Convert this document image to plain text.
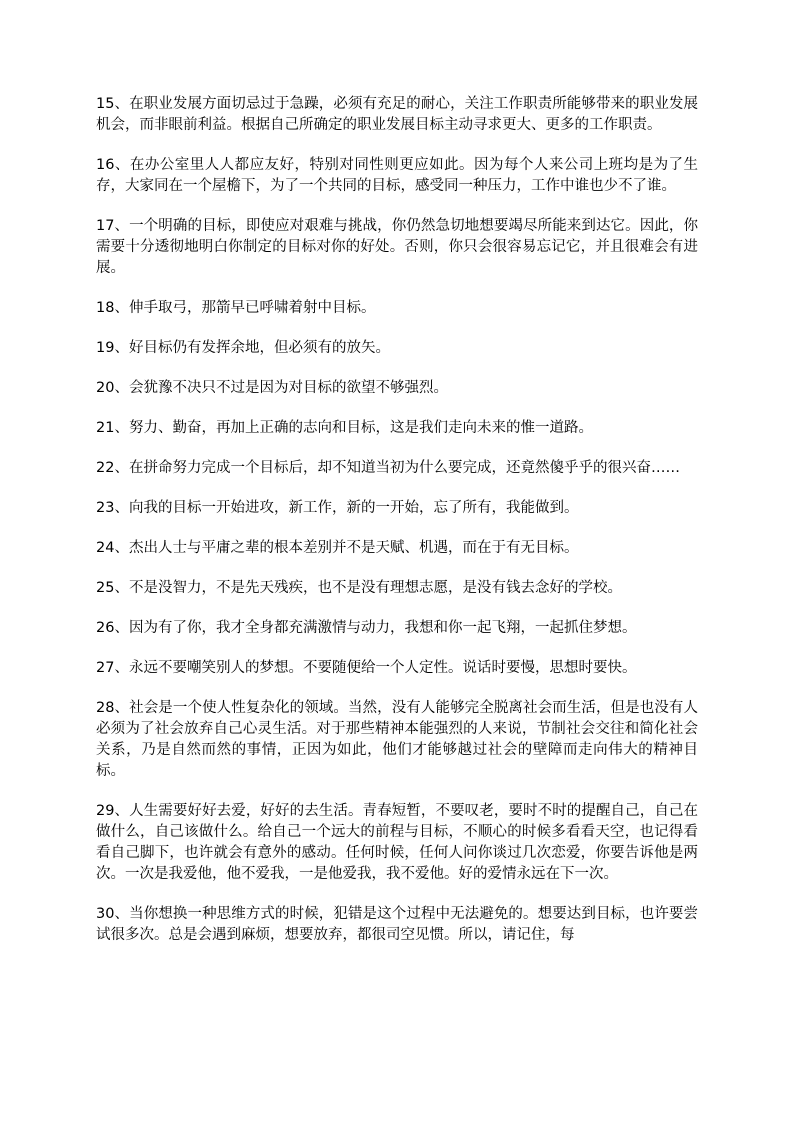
15、在职业发展方面切忌过于急躁，必须有充足的耐心，关注工作职责所能够带来的职业发展机会，而非眼前利益。根据自己所确定的职业发展目标主动寻求更大、更多的工作职责。

16、在办公室里人人都应友好，特别对同性则更应如此。因为每个人来公司上班均是为了生存，大家同在一个屋檐下，为了一个共同的目标，感受同一种压力，工作中谁也少不了谁。

17、一个明确的目标，即使应对艰难与挑战，你仍然急切地想要竭尽所能来到达它。因此，你需要十分透彻地明白你制定的目标对你的好处。否则，你只会很容易忘记它，并且很难会有进展。

18、伸手取弓，那箭早已呼啸着射中目标。

19、好目标仍有发挥余地，但必须有的放矢。

20、会犹豫不决只不过是因为对目标的欲望不够强烈。

21、努力、勤奋，再加上正确的志向和目标，这是我们走向未来的惟一道路。

22、在拼命努力完成一个目标后，却不知道当初为什么要完成，还竟然傻乎乎的很兴奋……

23、向我的目标一开始进攻，新工作，新的一开始，忘了所有，我能做到。

24、杰出人士与平庸之辈的根本差别并不是天赋、机遇，而在于有无目标。

25、不是没智力，不是先天残疾，也不是没有理想志愿，是没有钱去念好的学校。

26、因为有了你，我才全身都充满激情与动力，我想和你一起飞翔，一起抓住梦想。

27、永远不要嘲笑别人的梦想。不要随便给一个人定性。说话时要慢，思想时要快。

28、社会是一个使人性复杂化的领域。当然，没有人能够完全脱离社会而生活，但是也没有人必须为了社会放弃自己心灵生活。对于那些精神本能强烈的人来说，节制社会交往和简化社会关系，乃是自然而然的事情，正因为如此，他们才能够越过社会的壁障而走向伟大的精神目标。

29、人生需要好好去爱，好好的去生活。青春短暂，不要叹老，要时不时的提醒自己，自己在做什么，自己该做什么。给自己一个远大的前程与目标，不顺心的时候多看看天空，也记得看看自己脚下，也许就会有意外的感动。任何时候，任何人问你谈过几次恋爱，你要告诉他是两次。一次是我爱他，他不爱我，一是他爱我，我不爱他。好的爱情永远在下一次。

30、当你想换一种思维方式的时候，犯错是这个过程中无法避免的。想要达到目标，也许要尝试很多次。总是会遇到麻烦，想要放弃，都很司空见惯。所以，请记住，每
